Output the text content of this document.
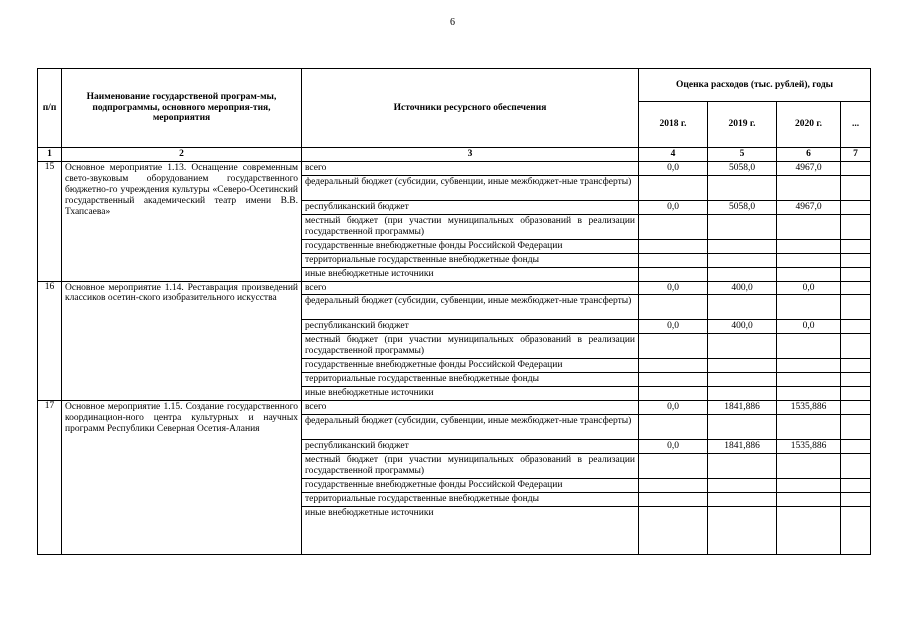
6
п/п	Наименование государственой програм-мы, подпрограммы, основного мероприя-тия, мероприятия	Источники ресурсного обеспечения	Оценка расходов (тыс. рублей), годы			
			2018 г.	2019 г.	2020 г.	...
1	2	3	4	5	6	7
15	Основное мероприятие 1.13. Оснащение современным свето-звуковым оборудованием государственного бюджетно-го учреждения культуры «Северо-Осетинский государственный академический театр имени В.В. Тхапсаева»	всего	0,0	5058,0	4967,0	
		федеральный бюджет (субсидии, субвенции, иные межбюджет-ные трансферты)				
		республиканский бюджет	0,0	5058,0	4967,0	
		местный бюджет (при участии муниципальных образований в реализации государственной программы)				
		государственные внебюджетные фонды Российской Федерации				
		территориальные государственные внебюджетные фонды				
		иные внебюджетные источники				
16	Основное мероприятие 1.14. Реставрация произведений классиков осетин-ского изобразительного искусства	всего	0,0	400,0	0,0	
		федеральный бюджет (субсидии, субвенции, иные межбюджет-ные трансферты)				
		республиканский бюджет	0,0	400,0	0,0	
		местный бюджет (при участии муниципальных образований в реализации государственной программы)				
		государственные внебюджетные фонды Российской Федерации				
		территориальные государственные внебюджетные фонды				
		иные внебюджетные источники				
17	Основное мероприятие 1.15. Создание государственного координацион-ного центра культурных и научных программ Республики Северная Осетия-Алания	всего	0,0	1841,886	1535,886	
		федеральный бюджет (субсидии, субвенции, иные межбюджет-ные трансферты)				
		республиканский бюджет	0,0	1841,886	1535,886	
		местный бюджет (при участии муниципальных образований в реализации государственной программы)				
		государственные внебюджетные фонды Российской Федерации				
		территориальные государственные внебюджетные фонды				
		иные внебюджетные источники				
